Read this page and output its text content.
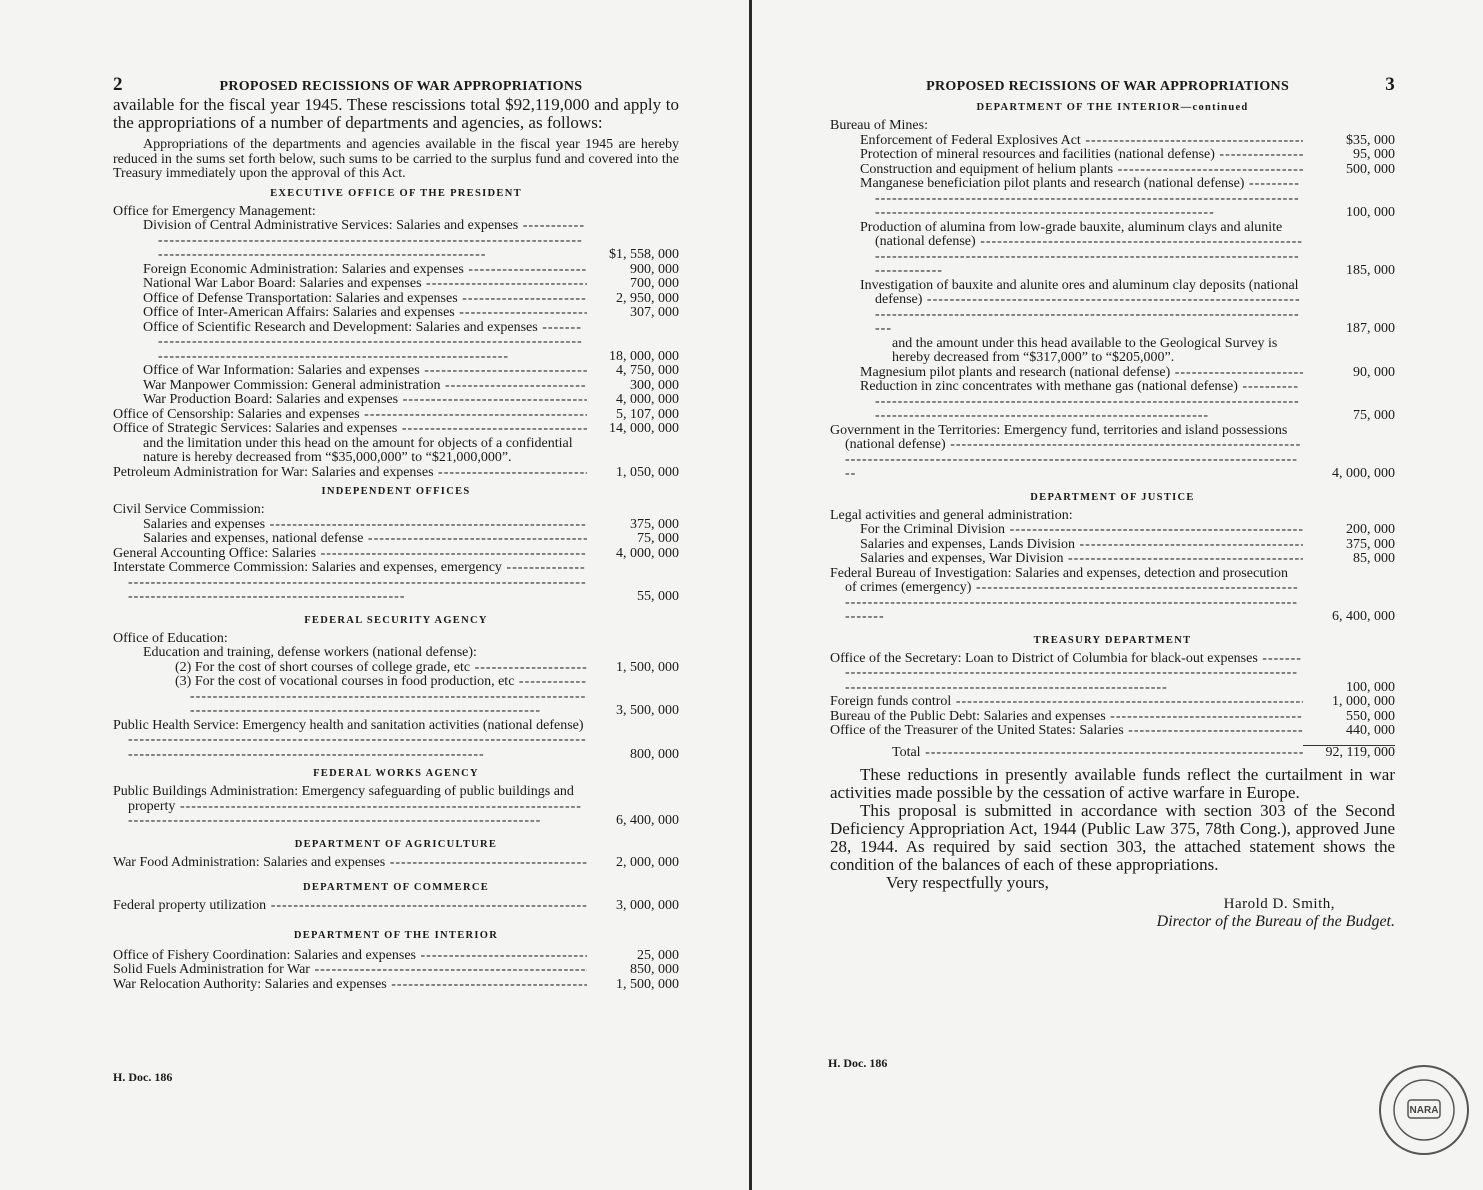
2	PROPOSED RECISSIONS OF WAR APPROPRIATIONS

available for the fiscal year 1945. These rescissions total $92,119,000 and apply to the appropriations of a number of departments and agencies, as follows:

Appropriations of the departments and agencies available in the fiscal year 1945 are hereby reduced in the sums set forth below, such sums to be carried to the surplus fund and covered into the Treasury immediately upon the approval of this Act.

EXECUTIVE OFFICE OF THE PRESIDENT
Office for Emergency Management:
Division of Central Administrative Services: Salaries and expenses -----
$1, 558, 000
Foreign Economic Administration: Salaries and expenses -----	900, 000
National War Labor Board: Salaries and expenses -----	700, 000
Office of Defense Transportation: Salaries and expenses -----	2, 950, 000
Office of Inter-American Affairs: Salaries and expenses -----	307, 000
Office of Scientific Research and Development: Salaries and expenses -----
18, 000, 000
Office of War Information: Salaries and expenses -----	4, 750, 000
War Manpower Commission: General administration -----	300, 000
War Production Board: Salaries and expenses -----	4, 000, 000
Office of Censorship: Salaries and expenses -----	5, 107, 000
Office of Strategic Services: Salaries and expenses -----	14, 000, 000
and the limitation under this head on the amount for objects of a confidential nature is hereby decreased from “$35,000,000” to “$21,000,000”.
Petroleum Administration for War: Salaries and expenses -----	1, 050, 000
INDEPENDENT OFFICES
Civil Service Commission:
Salaries and expenses -----	375, 000
Salaries and expenses, national defense -----	75, 000
General Accounting Office: Salaries -----	4, 000, 000
Interstate Commerce Commission: Salaries and expenses, emergency -----
55, 000
FEDERAL SECURITY AGENCY
Office of Education:
Education and training, defense workers (national defense):
(2) For the cost of short courses of college grade, etc -----	1, 500, 000
(3) For the cost of vocational courses in food production, etc -----
3, 500, 000
Public Health Service: Emergency health and sanitation activities (national defense) -----
800, 000
FEDERAL WORKS AGENCY
Public Buildings Administration: Emergency safeguarding of public buildings and property -----
6, 400, 000
DEPARTMENT OF AGRICULTURE
War Food Administration: Salaries and expenses -----	2, 000, 000
DEPARTMENT OF COMMERCE
Federal property utilization -----	3, 000, 000
DEPARTMENT OF THE INTERIOR
Office of Fishery Coordination: Salaries and expenses -----	25, 000
Solid Fuels Administration for War -----	850, 000
War Relocation Authority: Salaries and expenses -----	1, 500, 000
H. Doc. 186
PROPOSED RECISSIONS OF WAR APPROPRIATIONS	3
DEPARTMENT OF THE INTERIOR—continued
Bureau of Mines:
Enforcement of Federal Explosives Act -----	$35, 000
Protection of mineral resources and facilities (national defense) -----	95, 000
Construction and equipment of helium plants -----	500, 000
Manganese beneficiation pilot plants and research (national defense) -----
100, 000
Production of alumina from low-grade bauxite, aluminum clays and alunite (national defense) -----
185, 000
Investigation of bauxite and alunite ores and aluminum clay deposits (national defense) -----
187, 000
and the amount under this head available to the Geological Survey is hereby decreased from “$317,000” to “$205,000”.
Magnesium pilot plants and research (national defense) -----	90, 000
Reduction in zinc concentrates with methane gas (national defense) -----
75, 000
Government in the Territories: Emergency fund, territories and island possessions (national defense) -----
4, 000, 000
DEPARTMENT OF JUSTICE
Legal activities and general administration:
For the Criminal Division -----	200, 000
Salaries and expenses, Lands Division -----	375, 000
Salaries and expenses, War Division -----	85, 000
Federal Bureau of Investigation: Salaries and expenses, detection and prosecution of crimes (emergency) -----
6, 400, 000
TREASURY DEPARTMENT
Office of the Secretary: Loan to District of Columbia for black-out expenses -----
100, 000
Foreign funds control -----	1, 000, 000
Bureau of the Public Debt: Salaries and expenses -----	550, 000
Office of the Treasurer of the United States: Salaries -----	440, 000
Total -----	92, 119, 000

These reductions in presently available funds reflect the curtailment in war activities made possible by the cessation of active warfare in Europe.

This proposal is submitted in accordance with section 303 of the Second Deficiency Appropriation Act, 1944 (Public Law 375, 78th Cong.), approved June 28, 1944. As required by said section 303, the attached statement shows the condition of the balances of each of these appropriations.

Very respectfully yours,
Harold D. Smith,
Director of the Bureau of the Budget.
H. Doc. 186
NARA
